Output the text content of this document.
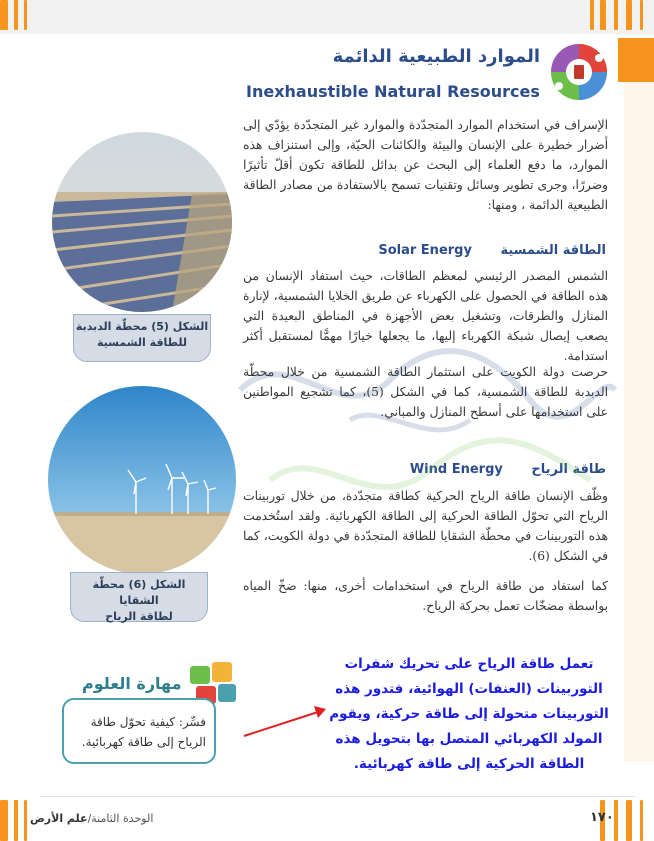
الموارد الطبيعية الدائمة
Inexhaustible Natural Resources
الإسراف في استخدام الموارد المتجدّدة والموارد غير المتجدّدة يؤدّي إلى أضرار خطيرة على الإنسان والبيئة والكائنات الحيّة، وإلى استنزاف هذه الموارد، ما دفع العلماء إلى البحث عن بدائل للطاقة تكون أقلّ تأثيرًا وضررًا، وجرى تطوير وسائل وتقنيات تسمح بالاستفادة من مصادر الطاقة الطبيعية الدائمة ، ومنها:
الطاقة الشمسية Solar Energy
الشمس المصدر الرئيسي لمعظم الطاقات، حيث استفاد الإنسان من هذه الطاقة في الحصول على الكهرباء عن طريق الخلايا الشمسية، لإنارة المنازل والطرقات، وتشغيل بعض الأجهزة في المناطق البعيدة التي يصعب إيصال شبكة الكهرباء إليها، ما يجعلها خيارًا مهمًّا لمستقبل أكثر استدامة.
حرصت دولة الكويت على استثمار الطاقة الشمسية من خلال محطّة الدبدبة للطاقة الشمسية، كما في الشكل (5)، كما تشجيع المواطنين على استخدامها على أسطح المنازل والمباني.
طاقة الرياح Wind Energy
وظّف الإنسان طاقة الرياح الحركية كطاقة متجدّدة، من خلال توربينات الرياح التي تحوّل الطاقة الحركية إلى الطاقة الكهربائية. ولقد استُخدمت هذه التوربينات في محطّة الشقايا للطاقة المتجدّدة في دولة الكويت، كما في الشكل (6).
كما استفاد من طاقة الرياح في استخدامات أخرى، منها: ضخّ المياه بواسطة مضخّات تعمل بحركة الرياح.
الشكل (5) محطّة الدبدبة
للطاقة الشمسية
الشكل (6) محطّة الشقايا
لطاقة الرياح
مهارة العلوم
فسِّر: كيفية تحوّل طاقة الرياح إلى طاقة كهربائية.
تعمل طاقة الرياح على تحريك شفرات التوربينات (العنفات) الهوائية، فتدور هذه التوربينات متحولة إلى طاقة حركية، ويقوم المولد الكهربائي المتصل بها بتحويل هذه الطاقة الحركية إلى طاقة كهربائية.
الوحدة الثامنة/علم الأرض	١٧٠
